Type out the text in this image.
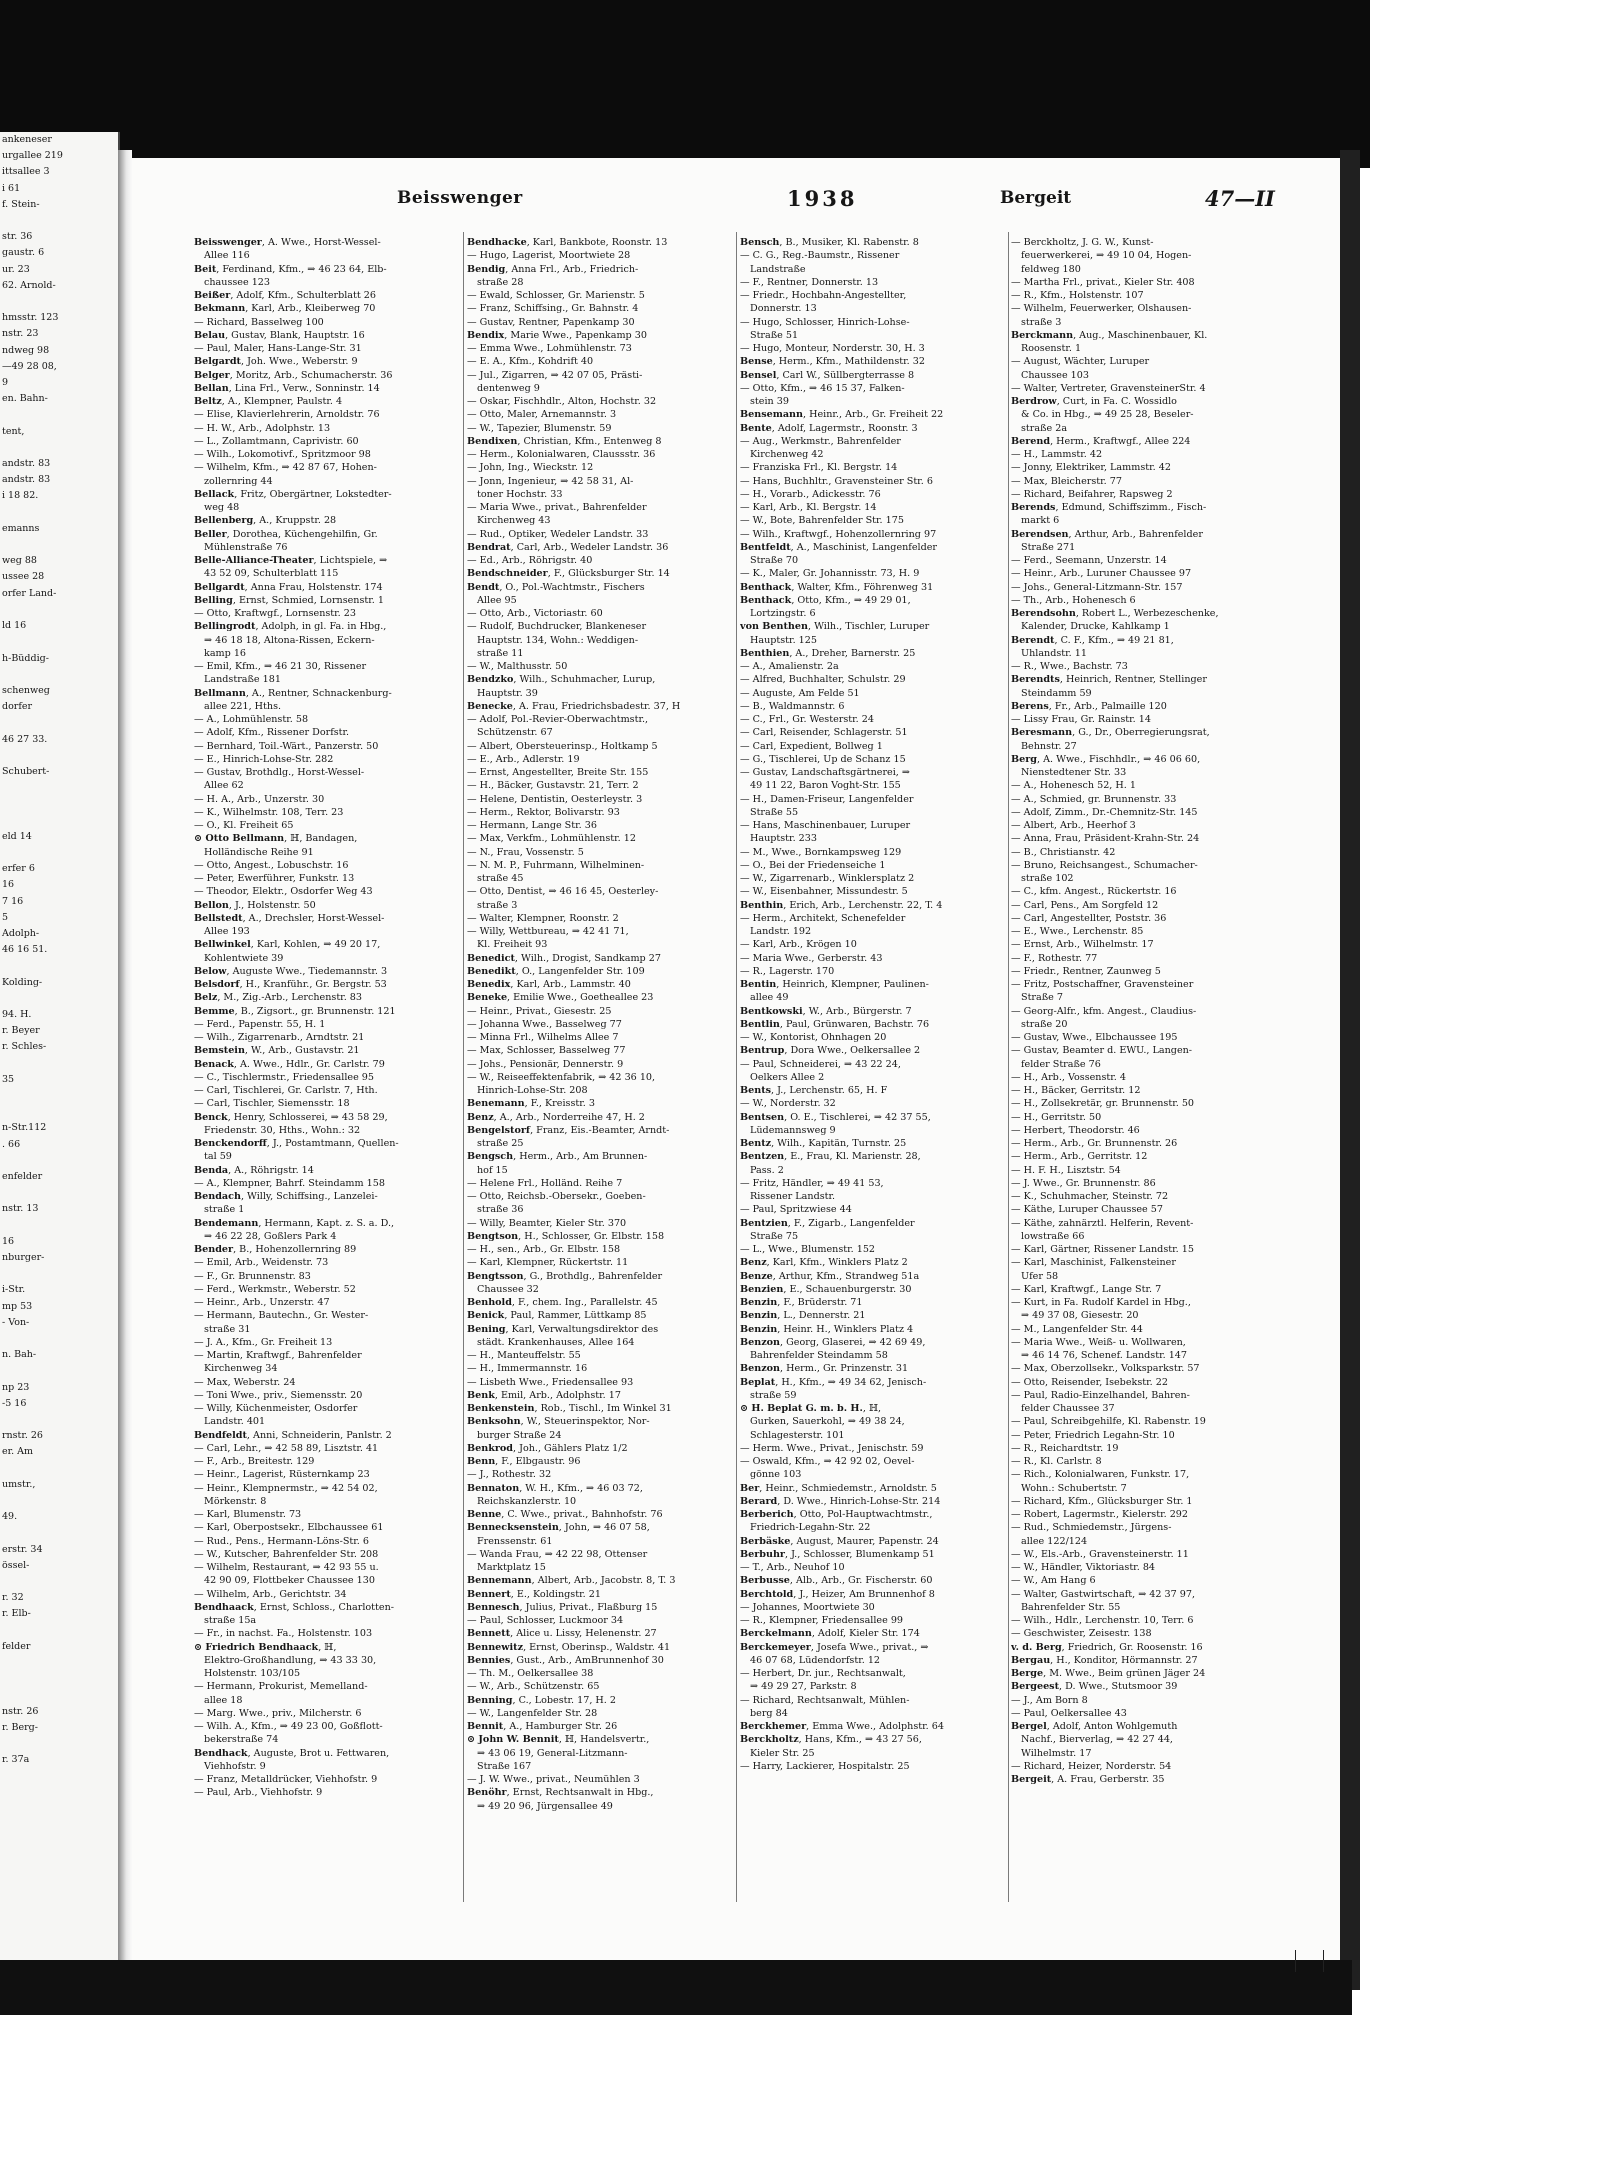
ankeneser
urgallee 219
ittsallee 3
i 61
f. Stein-

str. 36
gaustr. 6
ur. 23
62. Arnold-

hmsstr. 123
nstr. 23
ndweg 98
—49 28 08,
9
en. Bahn-

tent,

andstr. 83
andstr. 83
i 18 82.

emanns

weg 88
ussee 28
orfer Land-

ld 16

h-Büddig-

schenweg
dorfer

46 27 33.

Schubert-

eld 14

erfer 6
16
7 16
5
Adolph-
46 16 51.

Kolding-

94. H.
r. Beyer
r. Schles-

35

n-Str.112
. 66

enfelder

nstr. 13

16
nburger-

i-Str.
mp 53
- Von-

n. Bah-

np 23
-5 16

rnstr. 26
er. Am

umstr.,

49.

erstr. 34
össel-

r. 32
r. Elb-

felder

nstr. 26
r. Berg-

r. 37a
Beisswenger	1938	Bergeit	47—II
Beisswenger, A. Wwe., Horst-Wessel-
Allee 116
Beit, Ferdinand, Kfm., ⇒ 46 23 64, Elb-
chaussee 123
Beißer, Adolf, Kfm., Schulterblatt 26
Bekmann, Karl, Arb., Kleiberweg 70
— Richard, Basselweg 100
Belau, Gustav, Blank, Hauptstr. 16
— Paul, Maler, Hans-Lange-Str. 31
Belgardt, Joh. Wwe., Weberstr. 9
Belger, Moritz, Arb., Schumacherstr. 36
Bellan, Lina Frl., Verw., Sonninstr. 14
Beltz, A., Klempner, Paulstr. 4
— Elise, Klavierlehrerin, Arnoldstr. 76
— H. W., Arb., Adolphstr. 13
— L., Zollamtmann, Caprivistr. 60
— Wilh., Lokomotivf., Spritzmoor 98
— Wilhelm, Kfm., ⇒ 42 87 67, Hohen-
zollernring 44
Bellack, Fritz, Obergärtner, Lokstedter-
weg 48
Bellenberg, A., Kruppstr. 28
Beller, Dorothea, Küchengehilfin, Gr.
Mühlenstraße 76
Belle-Alliance-Theater, Lichtspiele, ⇒
43 52 09, Schulterblatt 115
Bellgardt, Anna Frau, Holstenstr. 174
Belling, Ernst, Schmied, Lornsenstr. 1
— Otto, Kraftwgf., Lornsenstr. 23
Bellingrodt, Adolph, in gl. Fa. in Hbg.,
⇒ 46 18 18, Altona-Rissen, Eckern-
kamp 16
— Emil, Kfm., ⇒ 46 21 30, Rissener
Landstraße 181
Bellmann, A., Rentner, Schnackenburg-
allee 221, Hths.
— A., Lohmühlenstr. 58
— Adolf, Kfm., Rissener Dorfstr.
— Bernhard, Toil.-Wärt., Panzerstr. 50
— E., Hinrich-Lohse-Str. 282
— Gustav, Brothdlg., Horst-Wessel-
Allee 62
— H. A., Arb., Unzerstr. 30
— K., Wilhelmstr. 108, Terr. 23
— O., Kl. Freiheit 65
⊙ Otto Bellmann, ℍ, Bandagen,
Holländische Reihe 91
— Otto, Angest., Lobuschstr. 16
— Peter, Ewerführer, Funkstr. 13
— Theodor, Elektr., Osdorfer Weg 43
Bellon, J., Holstenstr. 50
Bellstedt, A., Drechsler, Horst-Wessel-
Allee 193
Bellwinkel, Karl, Kohlen, ⇒ 49 20 17,
Kohlentwiete 39
Below, Auguste Wwe., Tiedemannstr. 3
Belsdorf, H., Kranführ., Gr. Bergstr. 53
Belz, M., Zig.-Arb., Lerchenstr. 83
Bemme, B., Zigsort., gr. Brunnenstr. 121
— Ferd., Papenstr. 55, H. 1
— Wilh., Zigarrenarb., Arndtstr. 21
Bemstein, W., Arb., Gustavstr. 21
Benack, A. Wwe., Hdlr., Gr. Carlstr. 79
— C., Tischlermstr., Friedensallee 95
— Carl, Tischlerei, Gr. Carlstr. 7, Hth.
— Carl, Tischler, Siemensstr. 18
Benck, Henry, Schlosserei, ⇒ 43 58 29,
Friedenstr. 30, Hths., Wohn.: 32
Benckendorff, J., Postamtmann, Quellen-
tal 59
Benda, A., Röhrigstr. 14
— A., Klempner, Bahrf. Steindamm 158
Bendach, Willy, Schiffsing., Lanzelei-
straße 1
Bendemann, Hermann, Kapt. z. S. a. D.,
⇒ 46 22 28, Goßlers Park 4
Bender, B., Hohenzollernring 89
— Emil, Arb., Weidenstr. 73
— F., Gr. Brunnenstr. 83
— Ferd., Werkmstr., Weberstr. 52
— Heinr., Arb., Unzerstr. 47
— Hermann, Bautechn., Gr. Wester-
straße 31
— J. A., Kfm., Gr. Freiheit 13
— Martin, Kraftwgf., Bahrenfelder
Kirchenweg 34
— Max, Weberstr. 24
— Toni Wwe., priv., Siemensstr. 20
— Willy, Küchenmeister, Osdorfer
Landstr. 401
Bendfeldt, Anni, Schneiderin, Panlstr. 2
— Carl, Lehr., ⇒ 42 58 89, Lisztstr. 41
— F., Arb., Breitestr. 129
— Heinr., Lagerist, Rüsternkamp 23
— Heinr., Klempnermstr., ⇒ 42 54 02,
Mörkenstr. 8
— Karl, Blumenstr. 73
— Karl, Oberpostsekr., Elbchaussee 61
— Rud., Pens., Hermann-Löns-Str. 6
— W., Kutscher, Bahrenfelder Str. 208
— Wilhelm, Restaurant, ⇒ 42 93 55 u.
42 90 09, Flottbeker Chaussee 130
— Wilhelm, Arb., Gerichtstr. 34
Bendhaack, Ernst, Schloss., Charlotten-
straße 15a
— Fr., in nachst. Fa., Holstenstr. 103
⊙ Friedrich Bendhaack, ℍ,
Elektro-Großhandlung, ⇒ 43 33 30,
Holstenstr. 103/105
— Hermann, Prokurist, Memelland-
allee 18
— Marg. Wwe., priv., Milcherstr. 6
— Wilh. A., Kfm., ⇒ 49 23 00, Goßflott-
bekerstraße 74
Bendhack, Auguste, Brot u. Fettwaren,
Viehhofstr. 9
— Franz, Metalldrücker, Viehhofstr. 9
— Paul, Arb., Viehhofstr. 9
Bendhacke, Karl, Bankbote, Roonstr. 13
— Hugo, Lagerist, Moortwiete 28
Bendig, Anna Frl., Arb., Friedrich-
straße 28
— Ewald, Schlosser, Gr. Marienstr. 5
— Franz, Schiffsing., Gr. Bahnstr. 4
— Gustav, Rentner, Papenkamp 30
Bendix, Marie Wwe., Papenkamp 30
— Emma Wwe., Lohmühlenstr. 73
— E. A., Kfm., Kohdrift 40
— Jul., Zigarren, ⇒ 42 07 05, Prästi-
dentenweg 9
— Oskar, Fischhdlr., Alton, Hochstr. 32
— Otto, Maler, Arnemannstr. 3
— W., Tapezier, Blumenstr. 59
Bendixen, Christian, Kfm., Entenweg 8
— Herm., Kolonialwaren, Claussstr. 36
— John, Ing., Wieckstr. 12
— Jonn, Ingenieur, ⇒ 42 58 31, Al-
toner Hochstr. 33
— Maria Wwe., privat., Bahrenfelder
Kirchenweg 43
— Rud., Optiker, Wedeler Landstr. 33
Bendrat, Carl, Arb., Wedeler Landstr. 36
— Ed., Arb., Röhrigstr. 40
Bendschneider, F., Glücksburger Str. 14
Bendt, O., Pol.-Wachtmstr., Fischers
Allee 95
— Otto, Arb., Victoriastr. 60
— Rudolf, Buchdrucker, Blankeneser
Hauptstr. 134, Wohn.: Weddigen-
straße 11
— W., Malthusstr. 50
Bendzko, Wilh., Schuhmacher, Lurup,
Hauptstr. 39
Benecke, A. Frau, Friedrichsbadestr. 37, H
— Adolf, Pol.-Revier-Oberwachtmstr.,
Schützenstr. 67
— Albert, Obersteuerinsp., Holtkamp 5
— E., Arb., Adlerstr. 19
— Ernst, Angestellter, Breite Str. 155
— H., Bäcker, Gustavstr. 21, Terr. 2
— Helene, Dentistin, Oesterleystr. 3
— Herm., Rektor, Bolivarstr. 93
— Hermann, Lange Str. 36
— Max, Verkfm., Lohmühlenstr. 12
— N., Frau, Vossenstr. 5
— N. M. P., Fuhrmann, Wilhelminen-
straße 45
— Otto, Dentist, ⇒ 46 16 45, Oesterley-
straße 3
— Walter, Klempner, Roonstr. 2
— Willy, Wettbureau, ⇒ 42 41 71,
Kl. Freiheit 93
Benedict, Wilh., Drogist, Sandkamp 27
Benedikt, O., Langenfelder Str. 109
Benedix, Karl, Arb., Lammstr. 40
Beneke, Emilie Wwe., Goetheallee 23
— Heinr., Privat., Giesestr. 25
— Johanna Wwe., Basselweg 77
— Minna Frl., Wilhelms Allee 7
— Max, Schlosser, Basselweg 77
— Johs., Pensionär, Dennerstr. 9
— W., Reiseeffektenfabrik, ⇒ 42 36 10,
Hinrich-Lohse-Str. 208
Benemann, F., Kreisstr. 3
Benz, A., Arb., Norderreihe 47, H. 2
Bengelstorf, Franz, Eis.-Beamter, Arndt-
straße 25
Bengsch, Herm., Arb., Am Brunnen-
hof 15
— Helene Frl., Holländ. Reihe 7
— Otto, Reichsb.-Obersekr., Goeben-
straße 36
— Willy, Beamter, Kieler Str. 370
Bengtson, H., Schlosser, Gr. Elbstr. 158
— H., sen., Arb., Gr. Elbstr. 158
— Karl, Klempner, Rückertstr. 11
Bengtsson, G., Brothdlg., Bahrenfelder
Chaussee 32
Benhold, F., chem. Ing., Parallelstr. 45
Benick, Paul, Rammer, Lüttkamp 85
Bening, Karl, Verwaltungsdirektor des
städt. Krankenhauses, Allee 164
— H., Manteuffelstr. 55
— H., Immermannstr. 16
— Lisbeth Wwe., Friedensallee 93
Benk, Emil, Arb., Adolphstr. 17
Benkenstein, Rob., Tischl., Im Winkel 31
Benksohn, W., Steuerinspektor, Nor-
burger Straße 24
Benkrod, Joh., Gählers Platz 1/2
Benn, F., Elbgaustr. 96
— J., Rothestr. 32
Bennaton, W. H., Kfm., ⇒ 46 03 72,
Reichskanzlerstr. 10
Benne, C. Wwe., privat., Bahnhofstr. 76
Bennecksenstein, John, ⇒ 46 07 58,
Frenssenstr. 61
— Wanda Frau, ⇒ 42 22 98, Ottenser
Marktplatz 15
Bennemann, Albert, Arb., Jacobstr. 8, T. 3
Bennert, E., Koldingstr. 21
Bennesch, Julius, Privat., Flaßburg 15
— Paul, Schlosser, Luckmoor 34
Bennett, Alice u. Lissy, Helenenstr. 27
Bennewitz, Ernst, Oberinsp., Waldstr. 41
Bennies, Gust., Arb., AmBrunnenhof 30
— Th. M., Oelkersallee 38
— W., Arb., Schützenstr. 65
Benning, C., Lobestr. 17, H. 2
— W., Langenfelder Str. 28
Bennit, A., Hamburger Str. 26
⊙ John W. Bennit, ℍ, Handelsvertr.,
⇒ 43 06 19, General-Litzmann-
Straße 167
— J. W. Wwe., privat., Neumühlen 3
Benöhr, Ernst, Rechtsanwalt in Hbg.,
⇒ 49 20 96, Jürgensallee 49
Bensch, B., Musiker, Kl. Rabenstr. 8
— C. G., Reg.-Baumstr., Rissener
Landstraße
— F., Rentner, Donnerstr. 13
— Friedr., Hochbahn-Angestellter,
Donnerstr. 13
— Hugo, Schlosser, Hinrich-Lohse-
Straße 51
— Hugo, Monteur, Norderstr. 30, H. 3
Bense, Herm., Kfm., Mathildenstr. 32
Bensel, Carl W., Süllbergterrasse 8
— Otto, Kfm., ⇒ 46 15 37, Falken-
stein 39
Bensemann, Heinr., Arb., Gr. Freiheit 22
Bente, Adolf, Lagermstr., Roonstr. 3
— Aug., Werkmstr., Bahrenfelder
Kirchenweg 42
— Franziska Frl., Kl. Bergstr. 14
— Hans, Buchhltr., Gravensteiner Str. 6
— H., Vorarb., Adickesstr. 76
— Karl, Arb., Kl. Bergstr. 14
— W., Bote, Bahrenfelder Str. 175
— Wilh., Kraftwgf., Hohenzollernring 97
Bentfeldt, A., Maschinist, Langenfelder
Straße 70
— K., Maler, Gr. Johannisstr. 73, H. 9
Benthack, Walter, Kfm., Föhrenweg 31
Benthack, Otto, Kfm., ⇒ 49 29 01,
Lortzingstr. 6
von Benthen, Wilh., Tischler, Luruper
Hauptstr. 125
Benthien, A., Dreher, Barnerstr. 25
— A., Amalienstr. 2a
— Alfred, Buchhalter, Schulstr. 29
— Auguste, Am Felde 51
— B., Waldmannstr. 6
— C., Frl., Gr. Westerstr. 24
— Carl, Reisender, Schlagerstr. 51
— Carl, Expedient, Bollweg 1
— G., Tischlerei, Up de Schanz 15
— Gustav, Landschaftsgärtnerei, ⇒
49 11 22, Baron Voght-Str. 155
— H., Damen-Friseur, Langenfelder
Straße 55
— Hans, Maschinenbauer, Luruper
Hauptstr. 233
— M., Wwe., Bornkampsweg 129
— O., Bei der Friedenseiche 1
— W., Zigarrenarb., Winklersplatz 2
— W., Eisenbahner, Missundestr. 5
Benthin, Erich, Arb., Lerchenstr. 22, T. 4
— Herm., Architekt, Schenefelder
Landstr. 192
— Karl, Arb., Krögen 10
— Maria Wwe., Gerberstr. 43
— R., Lagerstr. 170
Bentin, Heinrich, Klempner, Paulinen-
allee 49
Bentkowski, W., Arb., Bürgerstr. 7
Bentlin, Paul, Grünwaren, Bachstr. 76
— W., Kontorist, Ohnhagen 20
Bentrup, Dora Wwe., Oelkersallee 2
— Paul, Schneiderei, ⇒ 43 22 24,
Oelkers Allee 2
Bents, J., Lerchenstr. 65, H. F
— W., Norderstr. 32
Bentsen, O. E., Tischlerei, ⇒ 42 37 55,
Lüdemannsweg 9
Bentz, Wilh., Kapitän, Turnstr. 25
Bentzen, E., Frau, Kl. Marienstr. 28,
Pass. 2
— Fritz, Händler, ⇒ 49 41 53,
Rissener Landstr.
— Paul, Spritzwiese 44
Bentzien, F., Zigarb., Langenfelder
Straße 75
— L., Wwe., Blumenstr. 152
Benz, Karl, Kfm., Winklers Platz 2
Benze, Arthur, Kfm., Strandweg 51a
Benzien, E., Schauenburgerstr. 30
Benzin, F., Brüderstr. 71
Benzin, L., Dennerstr. 21
Benzin, Heinr. H., Winklers Platz 4
Benzon, Georg, Glaserei, ⇒ 42 69 49,
Bahrenfelder Steindamm 58
Benzon, Herm., Gr. Prinzenstr. 31
Beplat, H., Kfm., ⇒ 49 34 62, Jenisch-
straße 59
⊙ H. Beplat G. m. b. H., ℍ,
Gurken, Sauerkohl, ⇒ 49 38 24,
Schlagesterstr. 101
— Herm. Wwe., Privat., Jenischstr. 59
— Oswald, Kfm., ⇒ 42 92 02, Oevel-
gönne 103
Ber, Heinr., Schmiedemstr., Arnoldstr. 5
Berard, D. Wwe., Hinrich-Lohse-Str. 214
Berberich, Otto, Pol-Hauptwachtmstr.,
Friedrich-Legahn-Str. 22
Berbäske, August, Maurer, Papenstr. 24
Berbuhr, J., Schlosser, Blumenkamp 51
— T., Arb., Neuhof 10
Berbusse, Alb., Arb., Gr. Fischerstr. 60
Berchtold, J., Heizer, Am Brunnenhof 8
— Johannes, Moortwiete 30
— R., Klempner, Friedensallee 99
Berckelmann, Adolf, Kieler Str. 174
Berckemeyer, Josefa Wwe., privat., ⇒
46 07 68, Lüdendorfstr. 12
— Herbert, Dr. jur., Rechtsanwalt,
⇒ 49 29 27, Parkstr. 8
— Richard, Rechtsanwalt, Mühlen-
berg 84
Berckhemer, Emma Wwe., Adolphstr. 64
Berckholtz, Hans, Kfm., ⇒ 43 27 56,
Kieler Str. 25
— Harry, Lackierer, Hospitalstr. 25
— Berckholtz, J. G. W., Kunst-
feuerwerkerei, ⇒ 49 10 04, Hogen-
feldweg 180
— Martha Frl., privat., Kieler Str. 408
— R., Kfm., Holstenstr. 107
— Wilhelm, Feuerwerker, Olshausen-
straße 3
Berckmann, Aug., Maschinenbauer, Kl.
Roosenstr. 1
— August, Wächter, Luruper
Chaussee 103
— Walter, Vertreter, GravensteinerStr. 4
Berdrow, Curt, in Fa. C. Wossidlo
& Co. in Hbg., ⇒ 49 25 28, Beseler-
straße 2a
Berend, Herm., Kraftwgf., Allee 224
— H., Lammstr. 42
— Jonny, Elektriker, Lammstr. 42
— Max, Bleicherstr. 77
— Richard, Beifahrer, Rapsweg 2
Berends, Edmund, Schiffszimm., Fisch-
markt 6
Berendsen, Arthur, Arb., Bahrenfelder
Straße 271
— Ferd., Seemann, Unzerstr. 14
— Heinr., Arb., Luruner Chaussee 97
— Johs., General-Litzmann-Str. 157
— Th., Arb., Hohenesch 6
Berendsohn, Robert L., Werbezeschenke,
Kalender, Drucke, Kahlkamp 1
Berendt, C. F., Kfm., ⇒ 49 21 81,
Uhlandstr. 11
— R., Wwe., Bachstr. 73
Berendts, Heinrich, Rentner, Stellinger
Steindamm 59
Berens, Fr., Arb., Palmaille 120
— Lissy Frau, Gr. Rainstr. 14
Beresmann, G., Dr., Oberregierungsrat,
Behnstr. 27
Berg, A. Wwe., Fischhdlr., ⇒ 46 06 60,
Nienstedtener Str. 33
— A., Hohenesch 52, H. 1
— A., Schmied, gr. Brunnenstr. 33
— Adolf, Zimm., Dr.-Chemnitz-Str. 145
— Albert, Arb., Heerhof 3
— Anna, Frau, Präsident-Krahn-Str. 24
— B., Christianstr. 42
— Bruno, Reichsangest., Schumacher-
straße 102
— C., kfm. Angest., Rückertstr. 16
— Carl, Pens., Am Sorgfeld 12
— Carl, Angestellter, Poststr. 36
— E., Wwe., Lerchenstr. 85
— Ernst, Arb., Wilhelmstr. 17
— F., Rothestr. 77
— Friedr., Rentner, Zaunweg 5
— Fritz, Postschaffner, Gravensteiner
Straße 7
— Georg-Alfr., kfm. Angest., Claudius-
straße 20
— Gustav, Wwe., Elbchaussee 195
— Gustav, Beamter d. EWU., Langen-
felder Straße 76
— H., Arb., Vossenstr. 4
— H., Bäcker, Gerritstr. 12
— H., Zollsekretär, gr. Brunnenstr. 50
— H., Gerritstr. 50
— Herbert, Theodorstr. 46
— Herm., Arb., Gr. Brunnenstr. 26
— Herm., Arb., Gerritstr. 12
— H. F. H., Lisztstr. 54
— J. Wwe., Gr. Brunnenstr. 86
— K., Schuhmacher, Steinstr. 72
— Käthe, Luruper Chaussee 57
— Käthe, zahnärztl. Helferin, Revent-
lowstraße 66
— Karl, Gärtner, Rissener Landstr. 15
— Karl, Maschinist, Falkensteiner
Ufer 58
— Karl, Kraftwgf., Lange Str. 7
— Kurt, in Fa. Rudolf Kardel in Hbg.,
⇒ 49 37 08, Giesestr. 20
— M., Langenfelder Str. 44
— Maria Wwe., Weiß- u. Wollwaren,
⇒ 46 14 76, Schenef. Landstr. 147
— Max, Oberzollsekr., Volksparkstr. 57
— Otto, Reisender, Isebekstr. 22
— Paul, Radio-Einzelhandel, Bahren-
felder Chaussee 37
— Paul, Schreibgehilfe, Kl. Rabenstr. 19
— Peter, Friedrich Legahn-Str. 10
— R., Reichardtstr. 19
— R., Kl. Carlstr. 8
— Rich., Kolonialwaren, Funkstr. 17,
Wohn.: Schubertstr. 7
— Richard, Kfm., Glücksburger Str. 1
— Robert, Lagermstr., Kielerstr. 292
— Rud., Schmiedemstr., Jürgens-
allee 122/124
— W., Els.-Arb., Gravensteinerstr. 11
— W., Händler, Viktoriastr. 84
— W., Am Hang 6
— Walter, Gastwirtschaft, ⇒ 42 37 97,
Bahrenfelder Str. 55
— Wilh., Hdlr., Lerchenstr. 10, Terr. 6
— Geschwister, Zeisestr. 138
v. d. Berg, Friedrich, Gr. Roosenstr. 16
Bergau, H., Konditor, Hörmannstr. 27
Berge, M. Wwe., Beim grünen Jäger 24
Bergeest, D. Wwe., Stutsmoor 39
— J., Am Born 8
— Paul, Oelkersallee 43
Bergel, Adolf, Anton Wohlgemuth
Nachf., Bierverlag, ⇒ 42 27 44,
Wilhelmstr. 17
— Richard, Heizer, Norderstr. 54
Bergeit, A. Frau, Gerberstr. 35
